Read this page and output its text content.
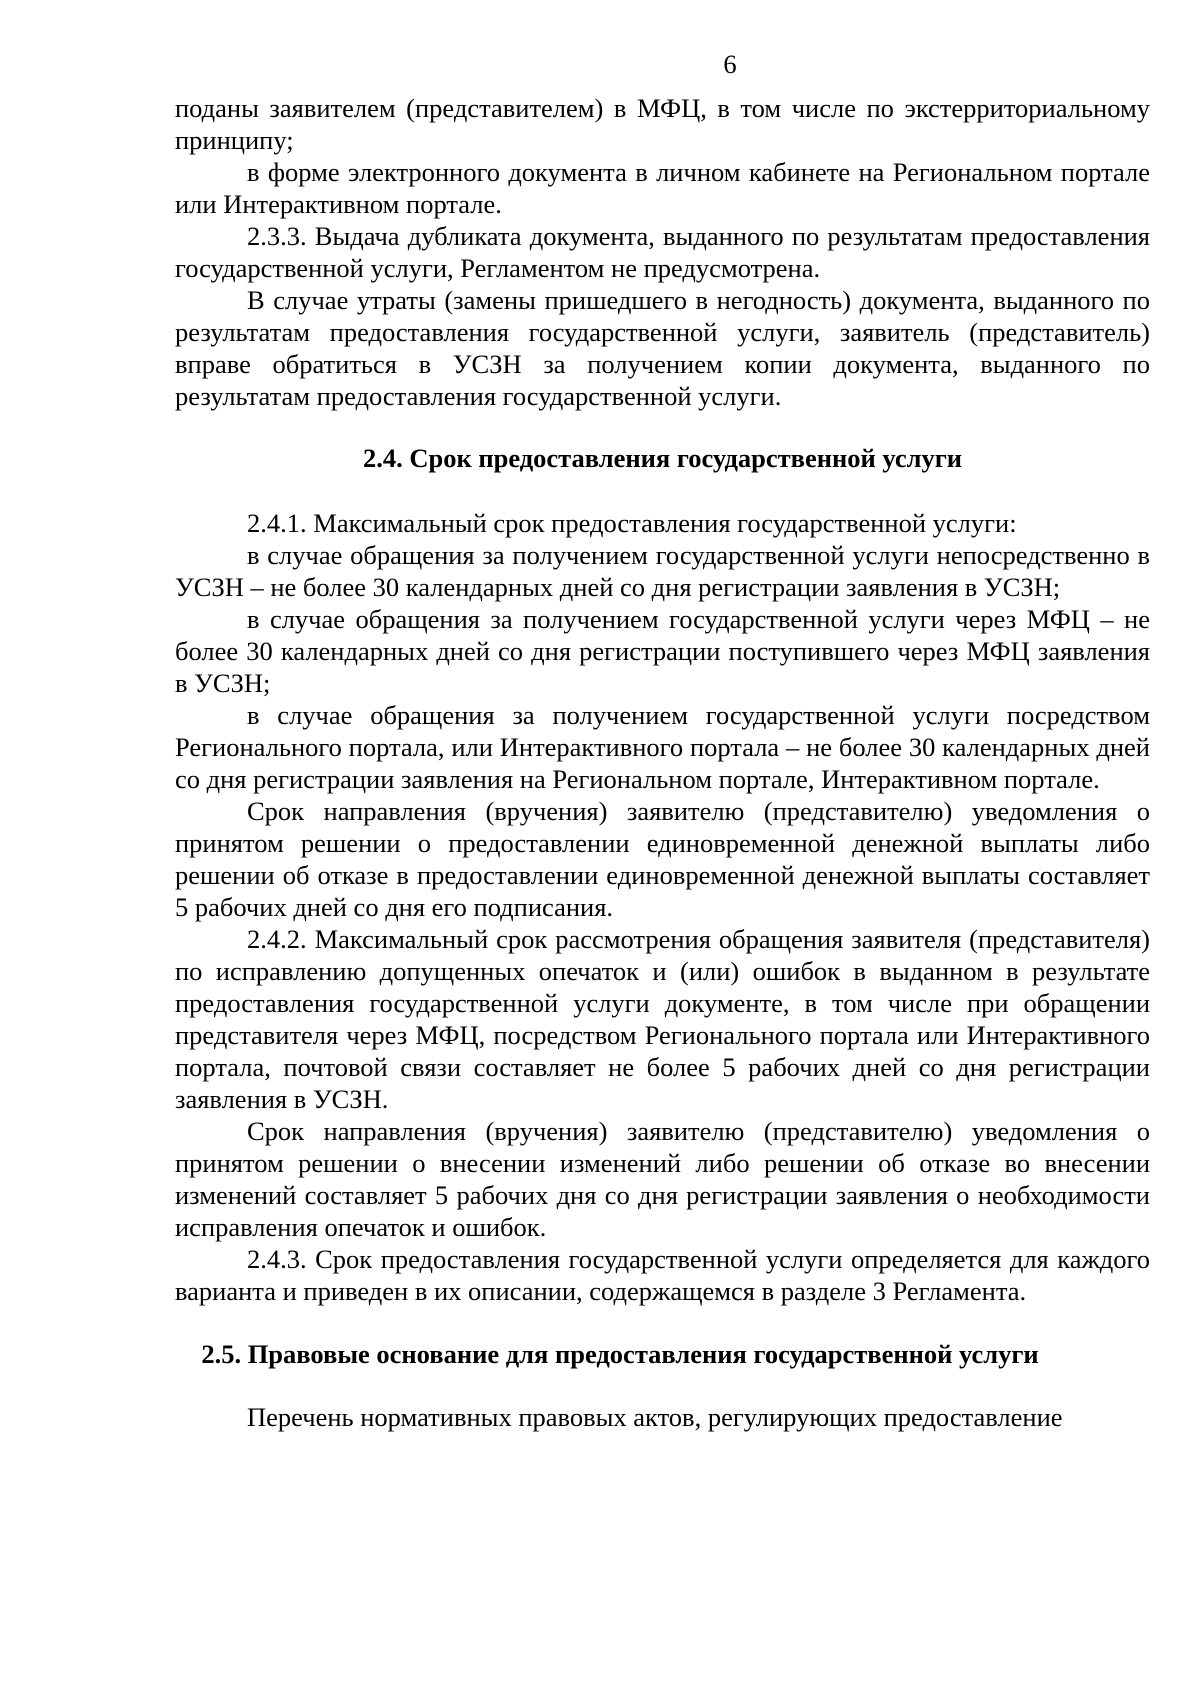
6

поданы заявителем (представителем) в МФЦ, в том числе по экстерриториальному принципу;

в форме электронного документа в личном кабинете на Региональном портале или Интерактивном портале.

2.3.3. Выдача дубликата документа, выданного по результатам предоставления государственной услуги, Регламентом не предусмотрена.

В случае утраты (замены пришедшего в негодность) документа, выданного по результатам предоставления государственной услуги, заявитель (представитель) вправе обратиться в УСЗН за получением копии документа, выданного по результатам предоставления государственной услуги.

2.4. Срок предоставления государственной услуги

2.4.1. Максимальный срок предоставления государственной услуги:

в случае обращения за получением государственной услуги непосредственно в УСЗН – не более 30 календарных дней со дня регистрации заявления в УСЗН;

в случае обращения за получением государственной услуги через МФЦ – не более 30 календарных дней со дня регистрации поступившего через МФЦ заявления в УСЗН;

в случае обращения за получением государственной услуги посредством Регионального портала, или Интерактивного портала – не более 30 календарных дней со дня регистрации заявления на Региональном портале, Интерактивном портале.

Срок направления (вручения) заявителю (представителю) уведомления о принятом решении о предоставлении единовременной денежной выплаты либо решении об отказе в предоставлении единовременной денежной выплаты составляет 5 рабочих дней со дня его подписания.

2.4.2. Максимальный срок рассмотрения обращения заявителя (представителя) по исправлению допущенных опечаток и (или) ошибок в выданном в результате предоставления государственной услуги документе, в том числе при обращении представителя через МФЦ, посредством Регионального портала или Интерактивного портала, почтовой связи составляет не более 5 рабочих дней со дня регистрации заявления в УСЗН.

Срок направления (вручения) заявителю (представителю) уведомления о принятом решении о внесении изменений либо решении об отказе во внесении изменений составляет 5 рабочих дня со дня регистрации заявления о необходимости исправления опечаток и ошибок.

2.4.3. Срок предоставления государственной услуги определяется для каждого варианта и приведен в их описании, содержащемся в разделе 3 Регламента.

2.5. Правовые основание для предоставления государственной услуги

Перечень нормативных правовых актов, регулирующих предоставление
